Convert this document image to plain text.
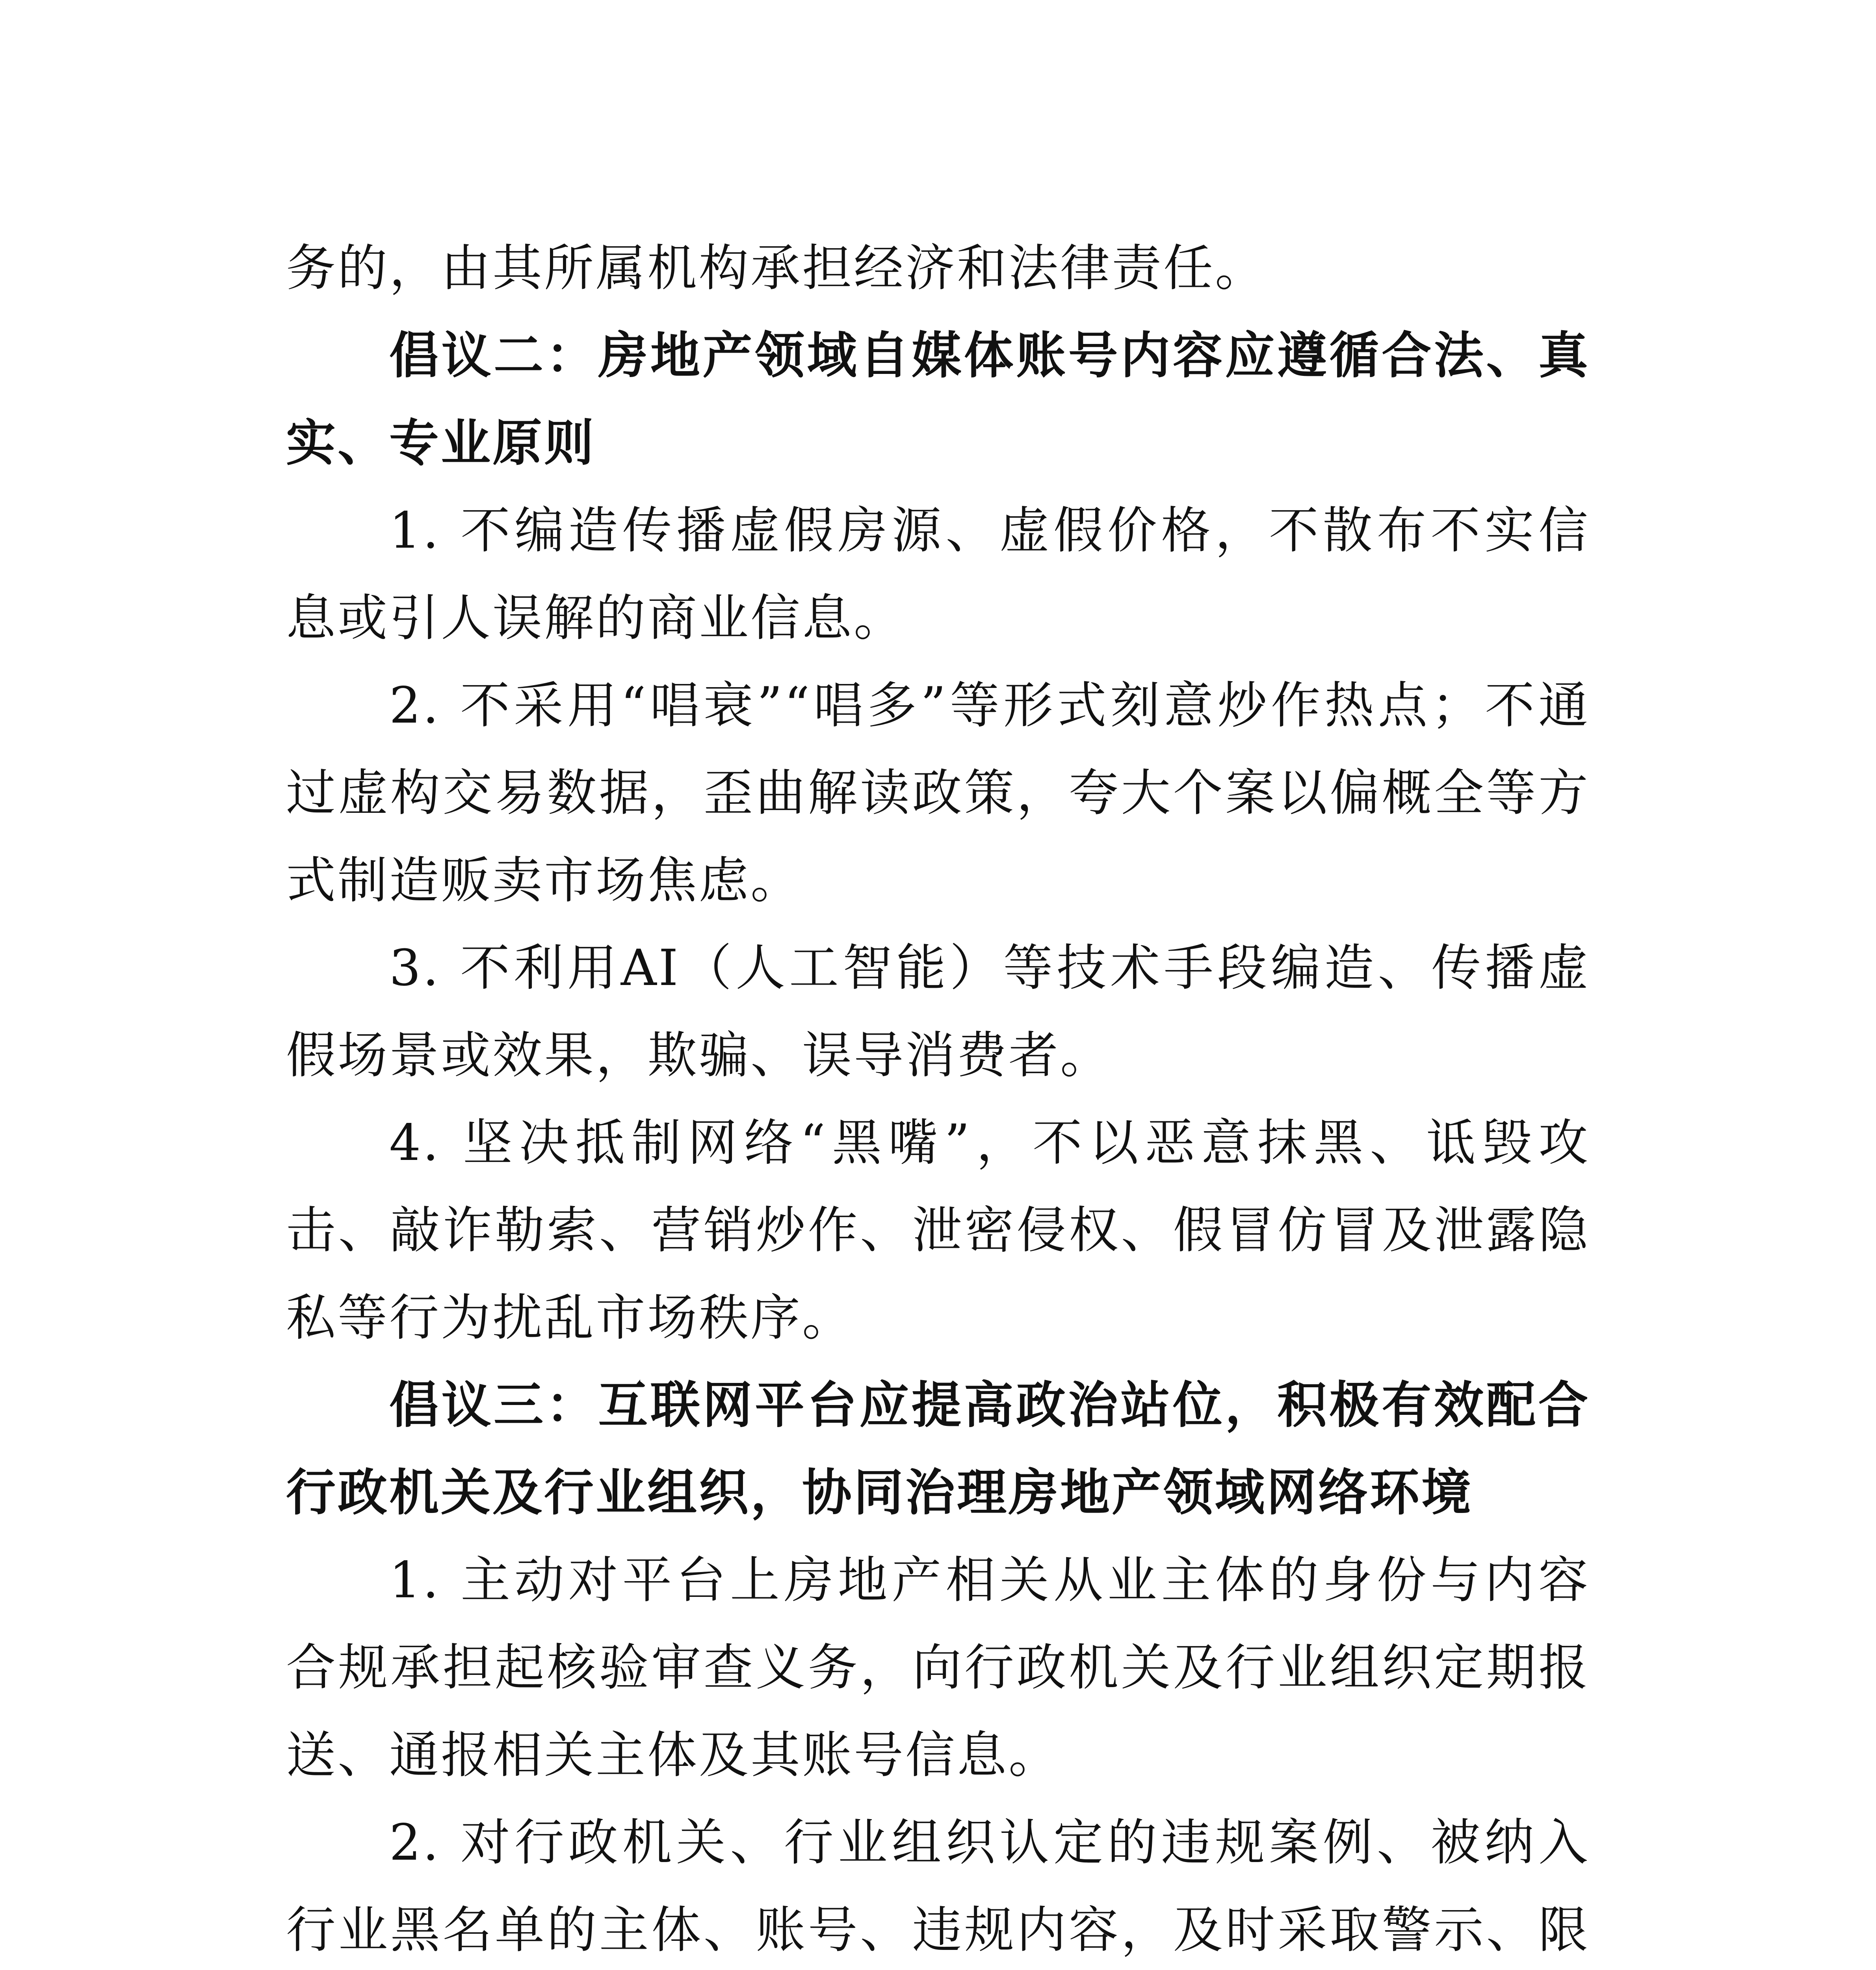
务的，由其所属机构承担经济和法律责任。

倡议二：房地产领域自媒体账号内容应遵循合法、真实、专业原则

1. 不编造传播虚假房源、虚假价格，不散布不实信息或引人误解的商业信息。

2. 不采用“唱衰”“唱多”等形式刻意炒作热点；不通过虚构交易数据，歪曲解读政策，夸大个案以偏概全等方式制造贩卖市场焦虑。

3. 不利用AI（人工智能）等技术手段编造、传播虚假场景或效果，欺骗、误导消费者。

4. 坚决抵制网络“黑嘴”，不以恶意抹黑、诋毁攻击、敲诈勒索、营销炒作、泄密侵权、假冒仿冒及泄露隐私等行为扰乱市场秩序。

倡议三：互联网平台应提高政治站位，积极有效配合行政机关及行业组织，协同治理房地产领域网络环境

1. 主动对平台上房地产相关从业主体的身份与内容合规承担起核验审查义务，向行政机关及行业组织定期报送、通报相关主体及其账号信息。

2. 对行政机关、行业组织认定的违规案例、被纳入行业黑名单的主体、账号、违规内容，及时采取警示、限
